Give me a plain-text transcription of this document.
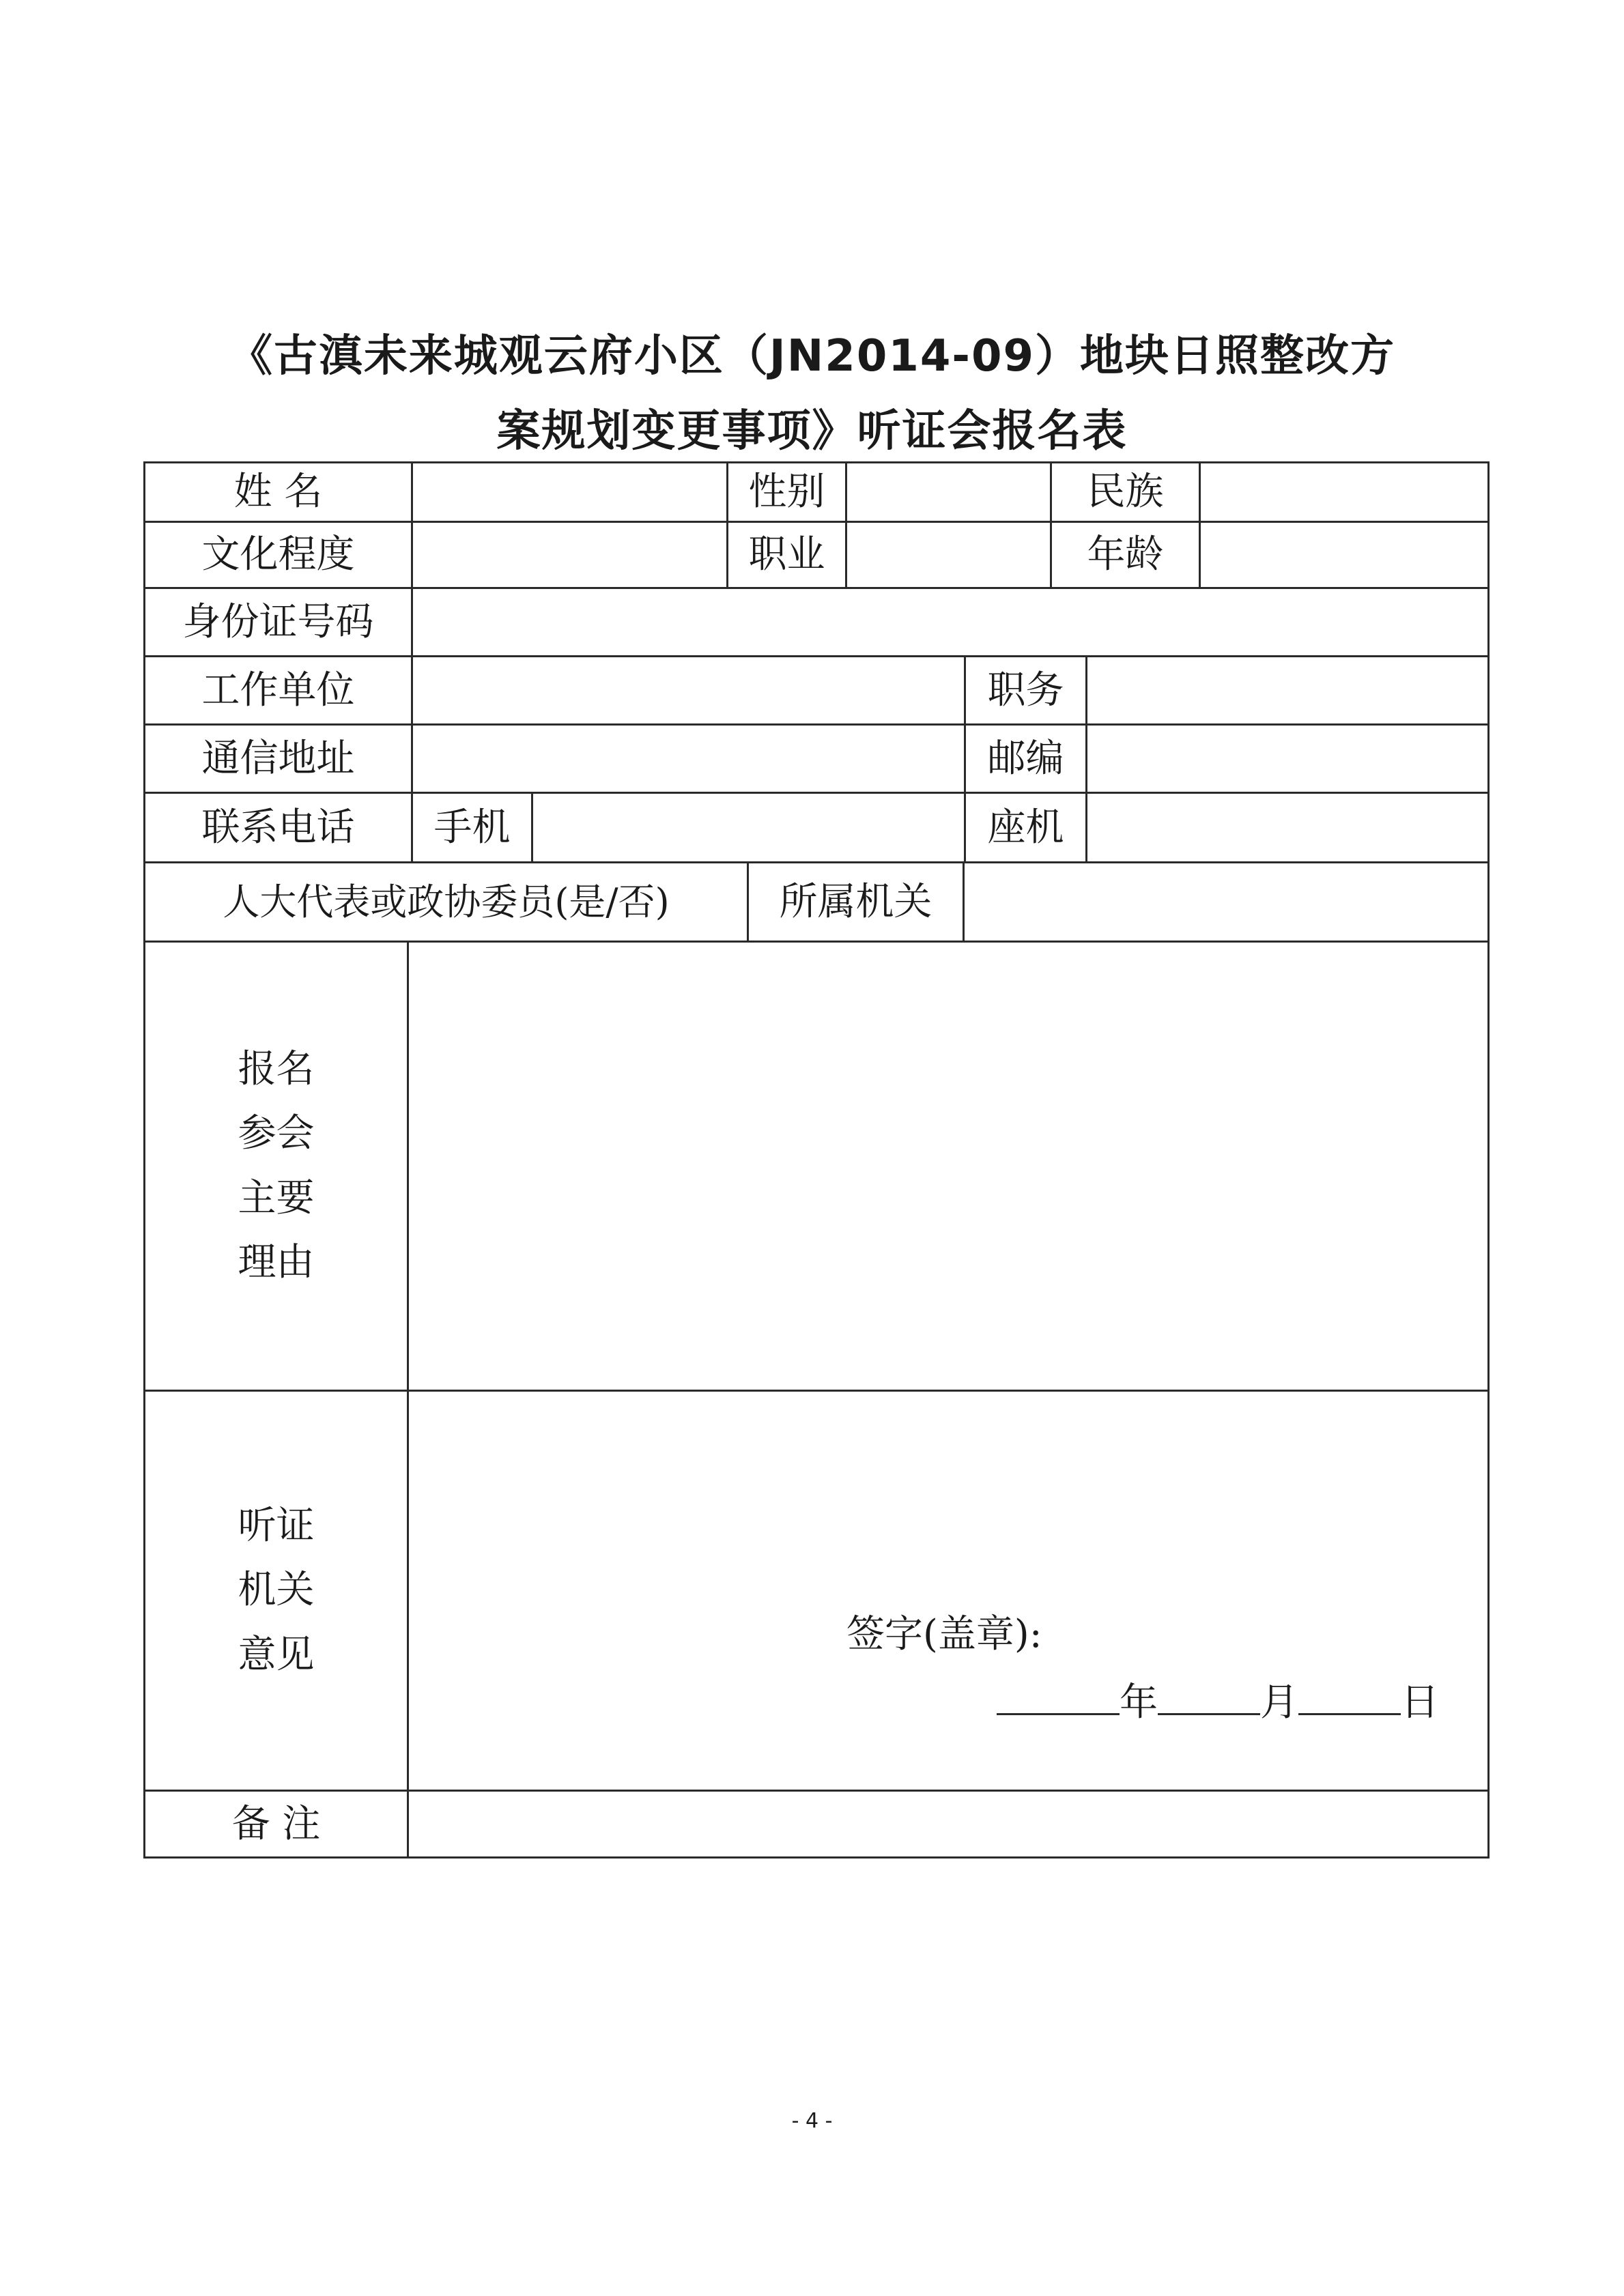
《古滇未来城观云府小区（JN2014-09）地块日照整改方
案规划变更事项》听证会报名表
姓 名	性别	民族
文化程度	职业	年龄
身份证号码
工作单位	职务
通信地址	邮编
联系电话	手机	座机
人大代表或政协委员(是/否)	所属机关
报名
参会
主要
理由
听证
机关
意见	签字(盖章):
年	月	日
备 注
- 4 -
